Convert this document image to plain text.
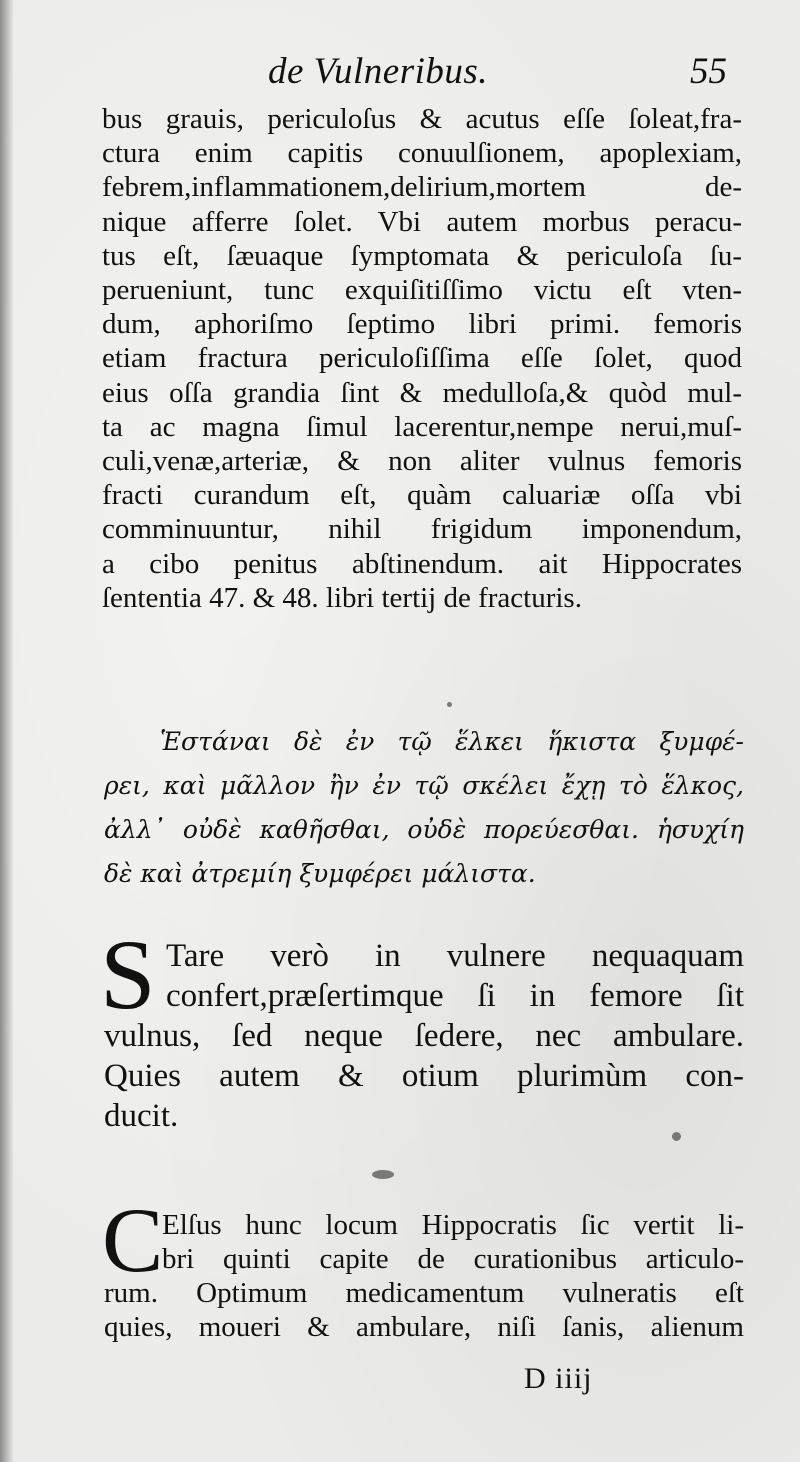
de Vulneribus.	55
bus grauis, periculoſus & acutus eſſe ſoleat,fra-
ctura enim capitis conuulſionem, apoplexiam,
febrem,inflammationem,delirium,mortem de-
nique afferre ſolet. Vbi autem morbus peracu-
tus eſt, ſæuaque ſymptomata & periculoſa ſu-
perueniunt, tunc exquiſitiſſimo victu eſt vten-
dum, aphoriſmo ſeptimo libri primi. femoris
etiam fractura periculoſiſſima eſſe ſolet, quod
eius oſſa grandia ſint & medulloſa,& quòd mul-
ta ac magna ſimul lacerentur,nempe nerui,muſ-
culi,venæ,arteriæ, & non aliter vulnus femoris
fracti curandum eſt, quàm caluariæ oſſa vbi
comminuuntur, nihil frigidum imponendum,
a cibo penitus abſtinendum. ait Hippocrates
ſententia 47. & 48. libri tertij de fracturis.
Ἑστάναι δὲ ἐν τῷ ἕλκει ἥκιστα ξυμφέ-
ρει, καὶ μᾶλλον ἢν ἐν τῷ σκέλει ἔχῃ τὸ ἕλκος,
ἀλλ᾽ οὐδὲ καθῆσθαι, οὐδὲ πορεύεσθαι. ἡσυχίη
δὲ καὶ ἀτρεμίη ξυμφέρει μάλιστα.
S Tare verò in vulnere nequaquam
confert,præſertimque ſi in femore ſit
vulnus, ſed neque ſedere, nec ambulare.
Quies autem & otium plurimùm con-
ducit.
C
Elſus hunc locum Hippocratis ſic vertit li-
bri quinti capite de curationibus articulo-
rum. Optimum medicamentum vulneratis eſt
quies, moueri & ambulare, niſi ſanis, alienum
D iiij
